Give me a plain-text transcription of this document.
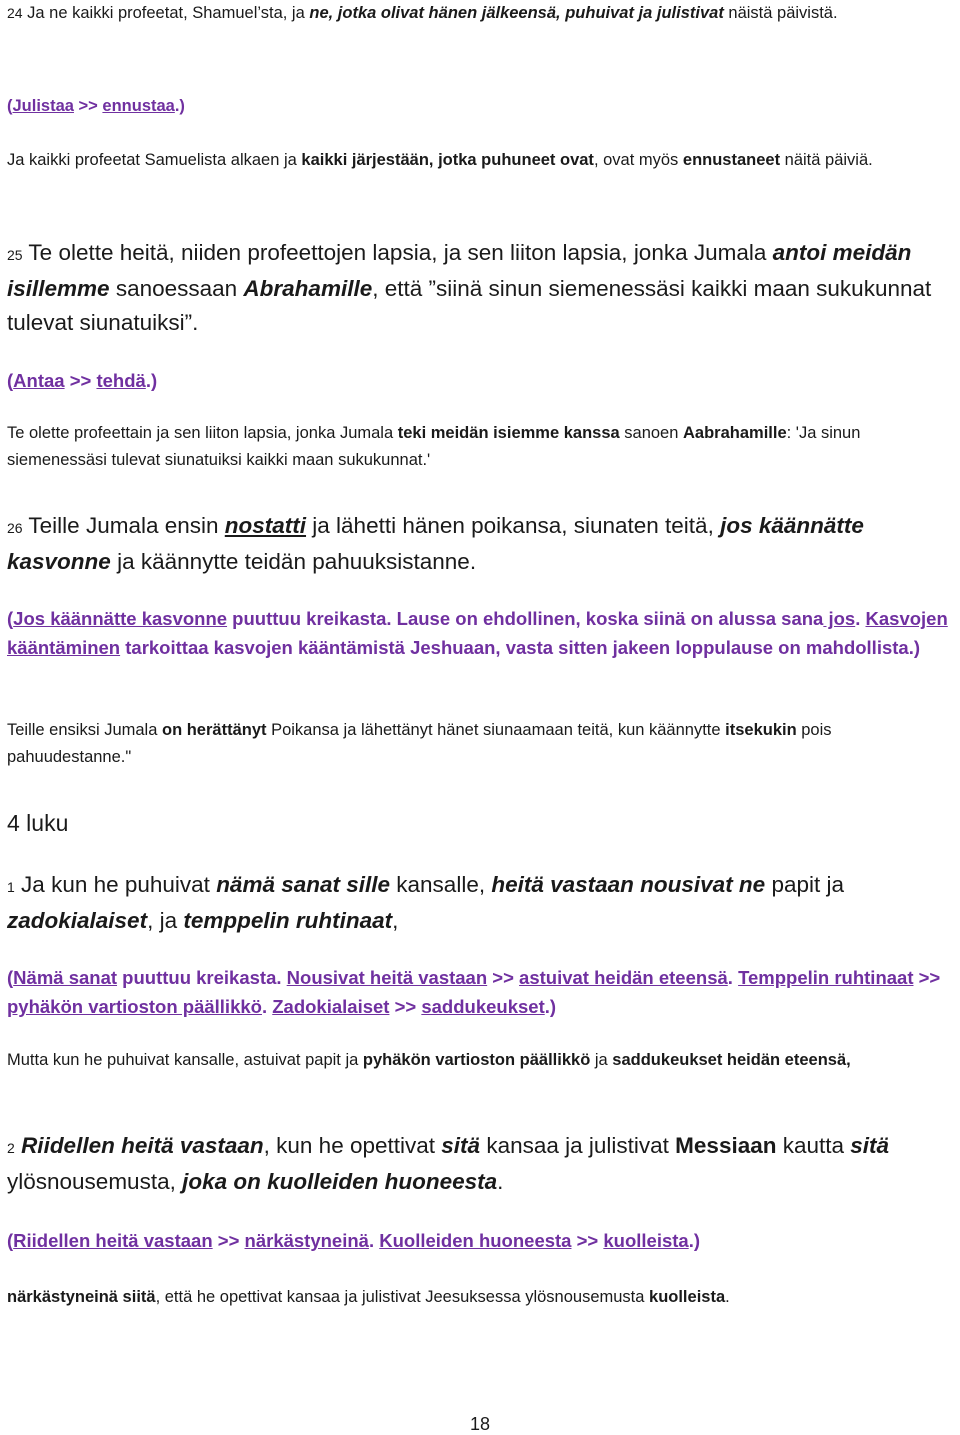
24 Ja ne kaikki profeetat, Shamuel’sta, ja ne, jotka olivat hänen jälkeensä, puhuivat ja julistivat näistä päivistä.
(Julistaa >> ennustaa.)
Ja kaikki profeetat Samuelista alkaen ja kaikki järjestään, jotka puhuneet ovat, ovat myös ennustaneet näitä päiviä.
25 Te olette heitä, niiden profeettojen lapsia, ja sen liiton lapsia, jonka Jumala antoi meidän isillemme sanoessaan Abrahamille, että ”siinä sinun siemenessäsi kaikki maan sukukunnat tulevat siunatuiksi”.
(Antaa >> tehdä.)
Te olette profeettain ja sen liiton lapsia, jonka Jumala teki meidän isiemme kanssa sanoen Aabrahamille: 'Ja sinun siemenessäsi tulevat siunatuiksi kaikki maan sukukunnat.'
26 Teille Jumala ensin nostatti ja lähetti hänen poikansa, siunaten teitä, jos käännätte kasvonne ja käännytte teidän pahuuksistanne.
(Jos käännätte kasvonne puuttuu kreikasta. Lause on ehdollinen, koska siinä on alussa sana jos. Kasvojen kääntäminen tarkoittaa kasvojen kääntämistä Jeshuaan, vasta sitten jakeen loppulause on mahdollista.)
Teille ensiksi Jumala on herättänyt Poikansa ja lähettänyt hänet siunaamaan teitä, kun käännytte itsekukin pois pahuudestanne."
4 luku
1 Ja kun he puhuivat nämä sanat sille kansalle, heitä vastaan nousivat ne papit ja zadokialaiset, ja temppelin ruhtinaat,
(Nämä sanat puuttuu kreikasta. Nousivat heitä vastaan >> astuivat heidän eteensä. Temppelin ruhtinaat >> pyhäkön vartioston päällikkö. Zadokialaiset >> saddukeukset.)
Mutta kun he puhuivat kansalle, astuivat papit ja pyhäkön vartioston päällikkö ja saddukeukset heidän eteensä,
2 Riidellen heitä vastaan, kun he opettivat sitä kansaa ja julistivat Messiaan kautta sitä ylösnousemusta, joka on kuolleiden huoneesta.
(Riidellen heitä vastaan >> närkästyneinä. Kuolleiden huoneesta >> kuolleista.)
närkästyneinä siitä, että he opettivat kansaa ja julistivat Jeesuksessa ylösnousemusta kuolleista.
18
